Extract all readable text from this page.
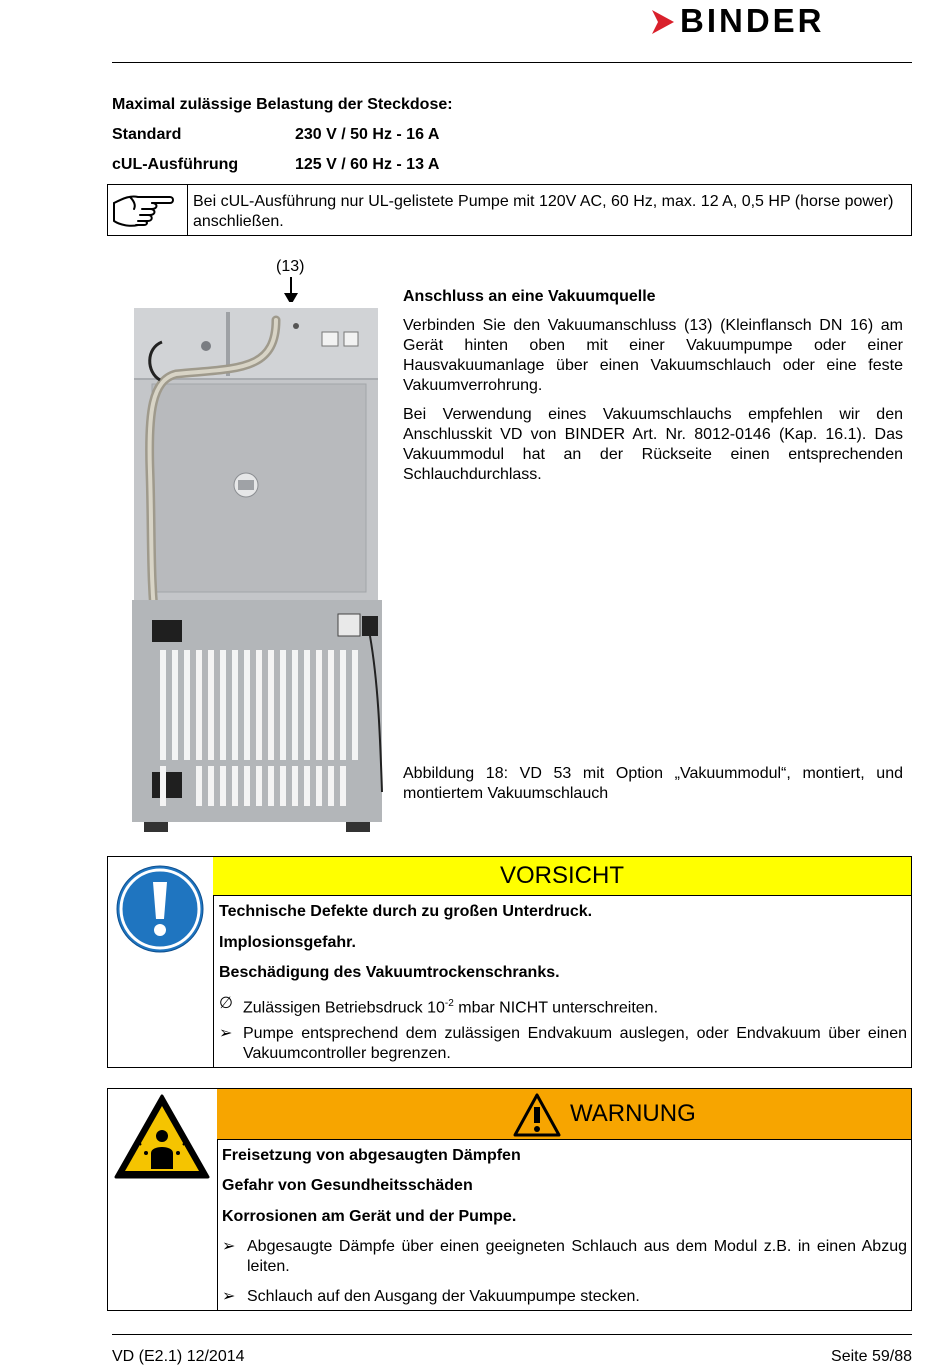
BINDER
Maximal zulässige Belastung der Steckdose:
Standard	230 V / 50 Hz - 16 A
cUL-Ausführung	125 V / 60 Hz - 13 A
Bei cUL-Ausführung nur UL-gelistete Pumpe mit 120V AC, 60 Hz, max. 12 A, 0,5 HP (horse power) anschließen.
(13)
Anschluss an eine Vakuumquelle
Verbinden Sie den Vakuumanschluss (13) (Kleinflansch DN 16) am Gerät hinten oben mit einer Vakuumpumpe oder einer Hausvakuumanlage über einen Vakuumschlauch oder eine feste Vakuumverrohrung.
Bei Verwendung eines Vakuumschlauchs empfehlen wir den Anschlusskit VD von BINDER Art. Nr. 8012-0146 (Kap. 16.1). Das Vakuummodul hat an der Rückseite einen entsprechenden Schlauchdurchlass.
Abbildung 18: VD 53 mit Option „Vakuummodul“, montiert, und montiertem Vakuumschlauch
VORSICHT
Technische Defekte durch zu großen Unterdruck.
Implosionsgefahr.
Beschädigung des Vakuumtrockenschranks.
∅ Zulässigen Betriebsdruck $10^{-2}$ mbar NICHT unterschreiten.
➢ Pumpe entsprechend dem zulässigen Endvakuum auslegen, oder Endvakuum über einen Vakuumcontroller begrenzen.
WARNUNG
Freisetzung von abgesaugten Dämpfen
Gefahr von Gesundheitsschäden
Korrosionen am Gerät und der Pumpe.
➢ Abgesaugte Dämpfe über einen geeigneten Schlauch aus dem Modul z.B. in einen Abzug leiten.
➢ Schlauch auf den Ausgang der Vakuumpumpe stecken.
VD (E2.1) 12/2014	Seite 59/88
